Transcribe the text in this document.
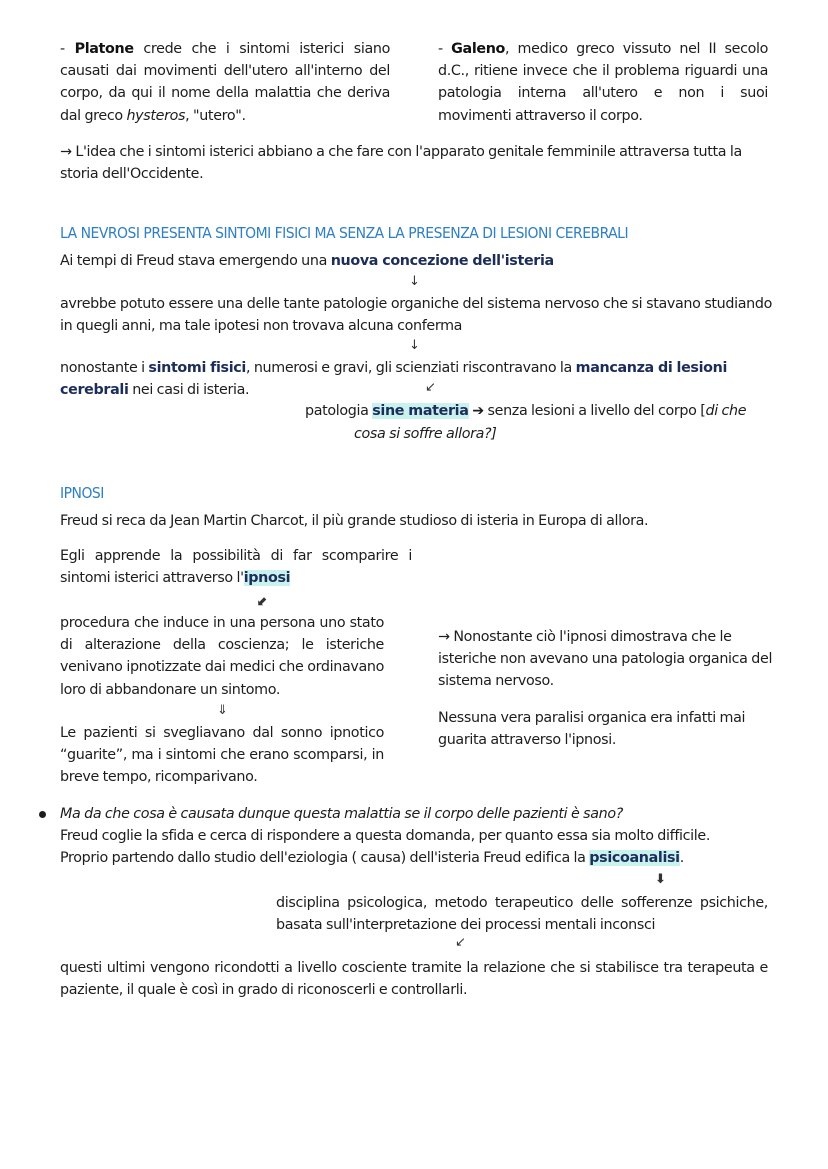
- Platone crede che i sintomi isterici siano causati dai movimenti dell'utero all'interno del corpo, da qui il nome della malattia che deriva dal greco hysteros, "utero".
- Galeno, medico greco vissuto nel II secolo d.C., ritiene invece che il problema riguardi una patologia interna all'utero e non i suoi movimenti attraverso il corpo.
→ L'idea che i sintomi isterici abbiano a che fare con l'apparato genitale femminile attraversa tutta la storia dell'Occidente.
LA NEVROSI PRESENTA SINTOMI FISICI MA SENZA LA PRESENZA DI LESIONI CEREBRALI
Ai tempi di Freud stava emergendo una nuova concezione dell'isteria
↓
avrebbe potuto essere una delle tante patologie organiche del sistema nervoso che si stavano studiando in quegli anni, ma tale ipotesi non trovava alcuna conferma
↓
nonostante i sintomi fisici, numerosi e gravi, gli scienziati riscontravano la mancanza di lesioni cerebrali nei casi di isteria.	↙
patologia sine materia ➔ senza lesioni a livello del corpo [di che
cosa si soffre allora?]
IPNOSI
Freud si reca da Jean Martin Charcot, il più grande studioso di isteria in Europa di allora.
Egli apprende la possibilità di far scomparire i sintomi isterici attraverso l'ipnosi
⬋
procedura che induce in una persona uno stato di alterazione della coscienza; le isteriche venivano ipnotizzate dai medici che ordinavano loro di abbandonare un sintomo.
⇓
Le pazienti si svegliavano dal sonno ipnotico “guarite”, ma i sintomi che erano scomparsi, in breve tempo, ricomparivano.
→ Nonostante ciò l'ipnosi dimostrava che le isteriche non avevano una patologia organica del sistema nervoso.
Nessuna vera paralisi organica era infatti mai guarita attraverso l'ipnosi.
Ma da che cosa è causata dunque questa malattia se il corpo delle pazienti è sano?
Freud coglie la sfida e cerca di rispondere a questa domanda, per quanto essa sia molto difficile.
Proprio partendo dallo studio dell'eziologia ( causa) dell'isteria Freud edifica la psicoanalisi.
⬇
disciplina psicologica, metodo terapeutico delle sofferenze psichiche, basata sull'interpretazione dei processi mentali inconsci
↙
questi ultimi vengono ricondotti a livello cosciente tramite la relazione che si stabilisce tra terapeuta e paziente, il quale è così in grado di riconoscerli e controllarli.
